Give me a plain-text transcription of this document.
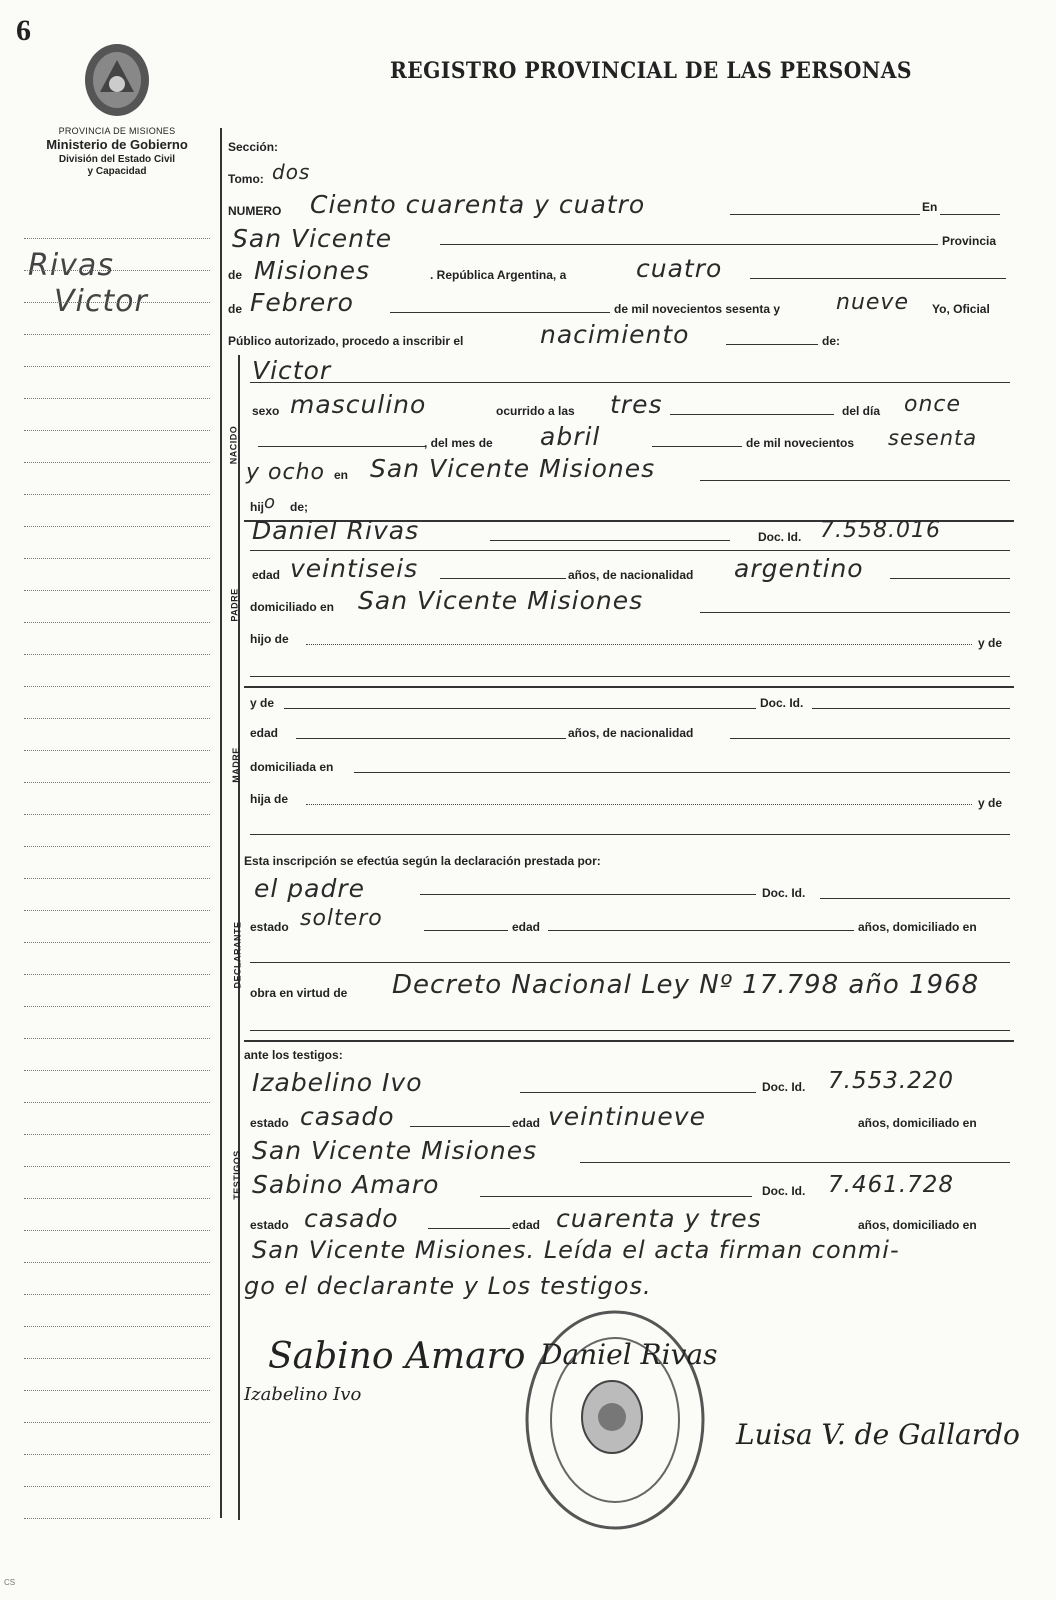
6
PROVINCIA DE MISIONES
Ministerio de Gobierno
División del Estado Civil
y Capacidad
REGISTRO PROVINCIAL DE LAS PERSONAS
Rivas
Victor
Sección:
Tomo: dos
NUMERO Ciento cuarenta y cuatro	En
San Vicente	Provincia
de Misiones	. República Argentina, a	cuatro
de Febrero	de mil novecientos sesenta y	nueve Yo, Oficial
Público autorizado, procedo a inscribir el	nacimiento	de:
NACIDO
Victor
sexo masculino	ocurrido a las tres	del día once
, del mes de abril	de mil novecientos sesenta
y ocho en San Vicente Misiones
hij o de;
PADRE
Daniel Rivas	Doc. Id. 7.558.016
edad veintiseis	años, de nacionalidad argentino
domiciliado en San Vicente Misiones
hijo de	y de
MADRE
y de	Doc. Id.
edad	años, de nacionalidad
domiciliada en
hija de	y de
Esta inscripción se efectúa según la declaración prestada por:
DECLARANTE
el padre	Doc. Id.
estado soltero	edad	años, domiciliado en
obra en virtud de Decreto Nacional Ley Nº 17.798 año 1968
ante los testigos:
TESTIGOS
Izabelino Ivo	Doc. Id. 7.553.220
estado casado	edad veintinueve	años, domiciliado en
San Vicente Misiones
Sabino Amaro	Doc. Id. 7.461.728
estado casado	edad cuarenta y tres	años, domiciliado en
San Vicente Misiones. Leída el acta firman conmi-
go el declarante y Los testigos.
Sabino Amaro Daniel Rivas
Izabelino Ivo
Luisa V. de Gallardo
CS
